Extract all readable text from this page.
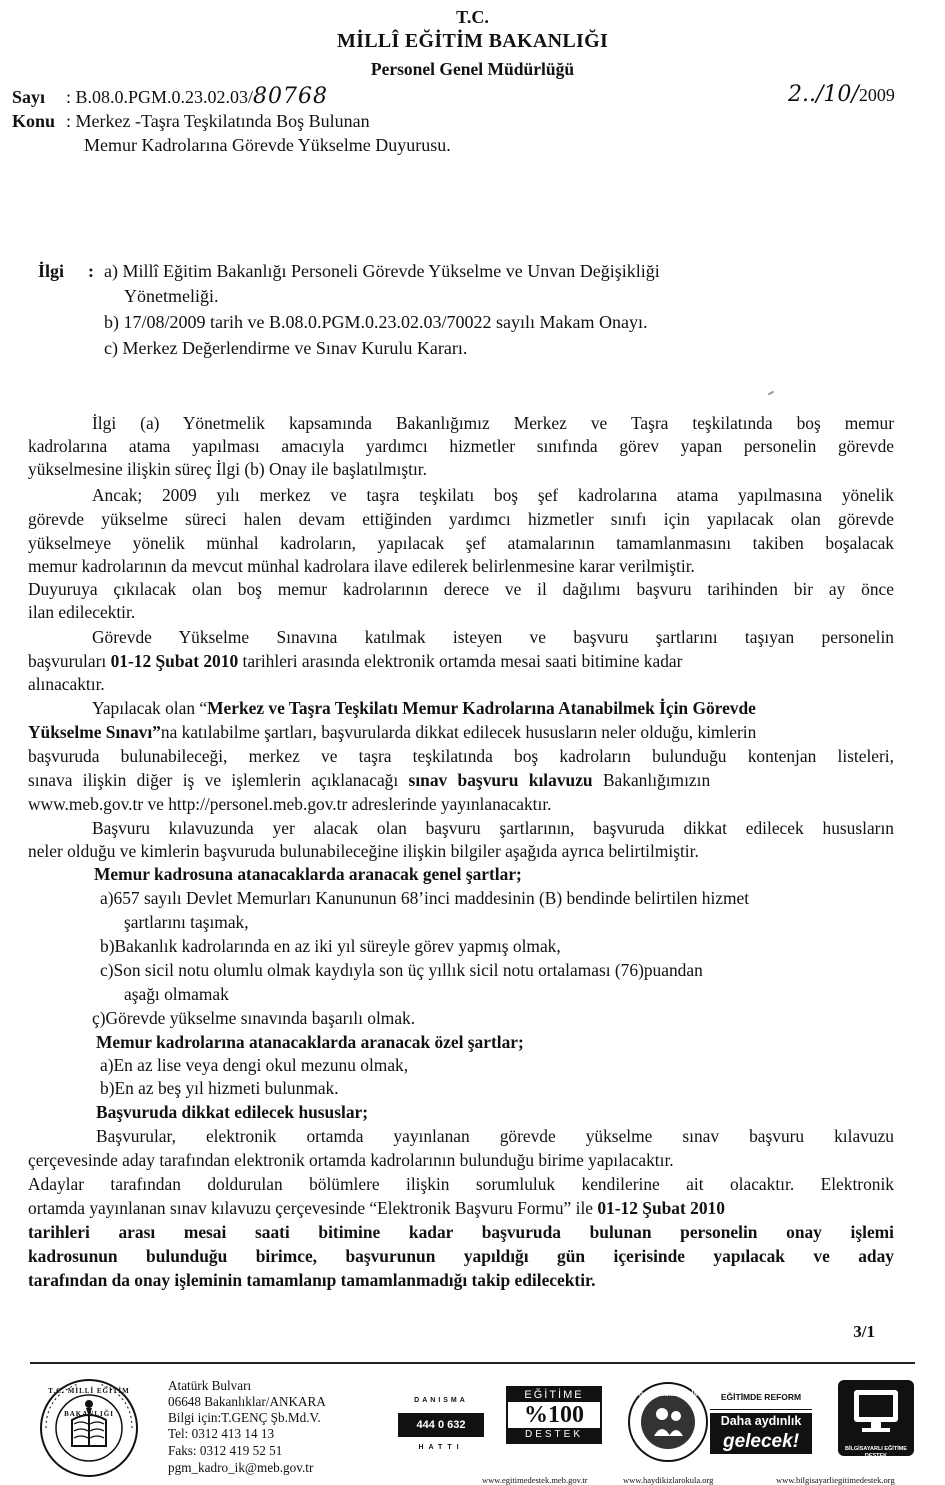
T.C.
MİLLÎ EĞİTİM BAKANLIĞI
Personel Genel Müdürlüğü
Sayı : B.08.0.PGM.0.23.02.03/80768	2../10/2009
Konu : Merkez -Taşra Teşkilatında Boş Bulunan
Memur Kadrolarına Görevde Yükselme Duyurusu.
İlgi : a) Millî Eğitim Bakanlığı Personeli Görevde Yükselme ve Unvan Değişikliği
Yönetmeliği.
b) 17/08/2009 tarih ve B.08.0.PGM.0.23.02.03/70022 sayılı Makam Onayı.
c) Merkez Değerlendirme ve Sınav Kurulu Kararı.
İlgi (a) Yönetmelik kapsamında Bakanlığımız Merkez ve Taşra teşkilatında boş memur
kadrolarına atama yapılması amacıyla yardımcı hizmetler sınıfında görev yapan personelin görevde
yükselmesine ilişkin süreç İlgi (b) Onay ile başlatılmıştır.
Ancak; 2009 yılı merkez ve taşra teşkilatı boş şef kadrolarına atama yapılmasına yönelik
görevde yükselme süreci halen devam ettiğinden yardımcı hizmetler sınıfı için yapılacak olan görevde
yükselmeye yönelik münhal kadroların, yapılacak şef atamalarının tamamlanmasını takiben boşalacak
memur kadrolarının da mevcut münhal kadrolara ilave edilerek belirlenmesine karar verilmiştir.
Duyuruya çıkılacak olan boş memur kadrolarının derece ve il dağılımı başvuru tarihinden bir ay önce
ilan edilecektir.
Görevde Yükselme Sınavına katılmak isteyen ve başvuru şartlarını taşıyan personelin
başvuruları 01-12 Şubat 2010 tarihleri arasında elektronik ortamda mesai saati bitimine kadar
alınacaktır.
Yapılacak olan “Merkez ve Taşra Teşkilatı Memur Kadrolarına Atanabilmek İçin Görevde
Yükselme Sınavı”na katılabilme şartları, başvurularda dikkat edilecek hususların neler olduğu, kimlerin
başvuruda bulunabileceği, merkez ve taşra teşkilatında boş kadroların bulunduğu kontenjan listeleri,
sınava ilişkin diğer iş ve işlemlerin açıklanacağı sınav başvuru kılavuzu Bakanlığımızın
www.meb.gov.tr ve http://personel.meb.gov.tr adreslerinde yayınlanacaktır.
Başvuru kılavuzunda yer alacak olan başvuru şartlarının, başvuruda dikkat edilecek hususların
neler olduğu ve kimlerin başvuruda bulunabileceğine ilişkin bilgiler aşağıda ayrıca belirtilmiştir.
Memur kadrosuna atanacaklarda aranacak genel şartlar;
a)657 sayılı Devlet Memurları Kanununun 68’inci maddesinin (B) bendinde belirtilen hizmet
şartlarını taşımak,
b)Bakanlık kadrolarında en az iki yıl süreyle görev yapmış olmak,
c)Son sicil notu olumlu olmak kaydıyla son üç yıllık sicil notu ortalaması (76)puandan
aşağı olmamak
ç)Görevde yükselme sınavında başarılı olmak.
Memur kadrolarına atanacaklarda aranacak özel şartlar;
a)En az lise veya dengi okul mezunu olmak,
b)En az beş yıl hizmeti bulunmak.
Başvuruda dikkat edilecek hususlar;
Başvurular, elektronik ortamda yayınlanan görevde yükselme sınav başvuru kılavuzu
çerçevesinde aday tarafından elektronik ortamda kadrolarının bulunduğu birime yapılacaktır.
Adaylar tarafından doldurulan bölümlere ilişkin sorumluluk kendilerine ait olacaktır. Elektronik
ortamda yayınlanan sınav kılavuzu çerçevesinde “Elektronik Başvuru Formu” ile 01-12 Şubat 2010
tarihleri arası mesai saati bitimine kadar başvuruda bulunan personelin onay işlemi
kadrosunun bulunduğu birimce, başvurunun yapıldığı gün içerisinde yapılacak ve aday
tarafından da onay işleminin tamamlanıp tamamlanmadığı takip edilecektir.
3/1
T.C. MİLLÎ EĞİTİM BAKANLIĞI
Atatürk Bulvarı
06648 Bakanlıklar/ANKARA
Bilgi için:T.GENÇ Şb.Md.V.
Tel: 0312 413 14 13
Faks: 0312 419 52 51
pgm_kadro_ik@meb.gov.tr
DANISMA
444 0 632
HATTI
EĞİTİME
%100
DESTEK
haydi kızlar okula	EĞİTİMDE REFORM
Daha aydınlık
gelecek!	BİLGİSAYARLI EĞİTİME DESTEK
www.egitimedestek.meb.gov.tr	www.haydikizlarokula.org	www.bilgisayarliegitimedestek.org
